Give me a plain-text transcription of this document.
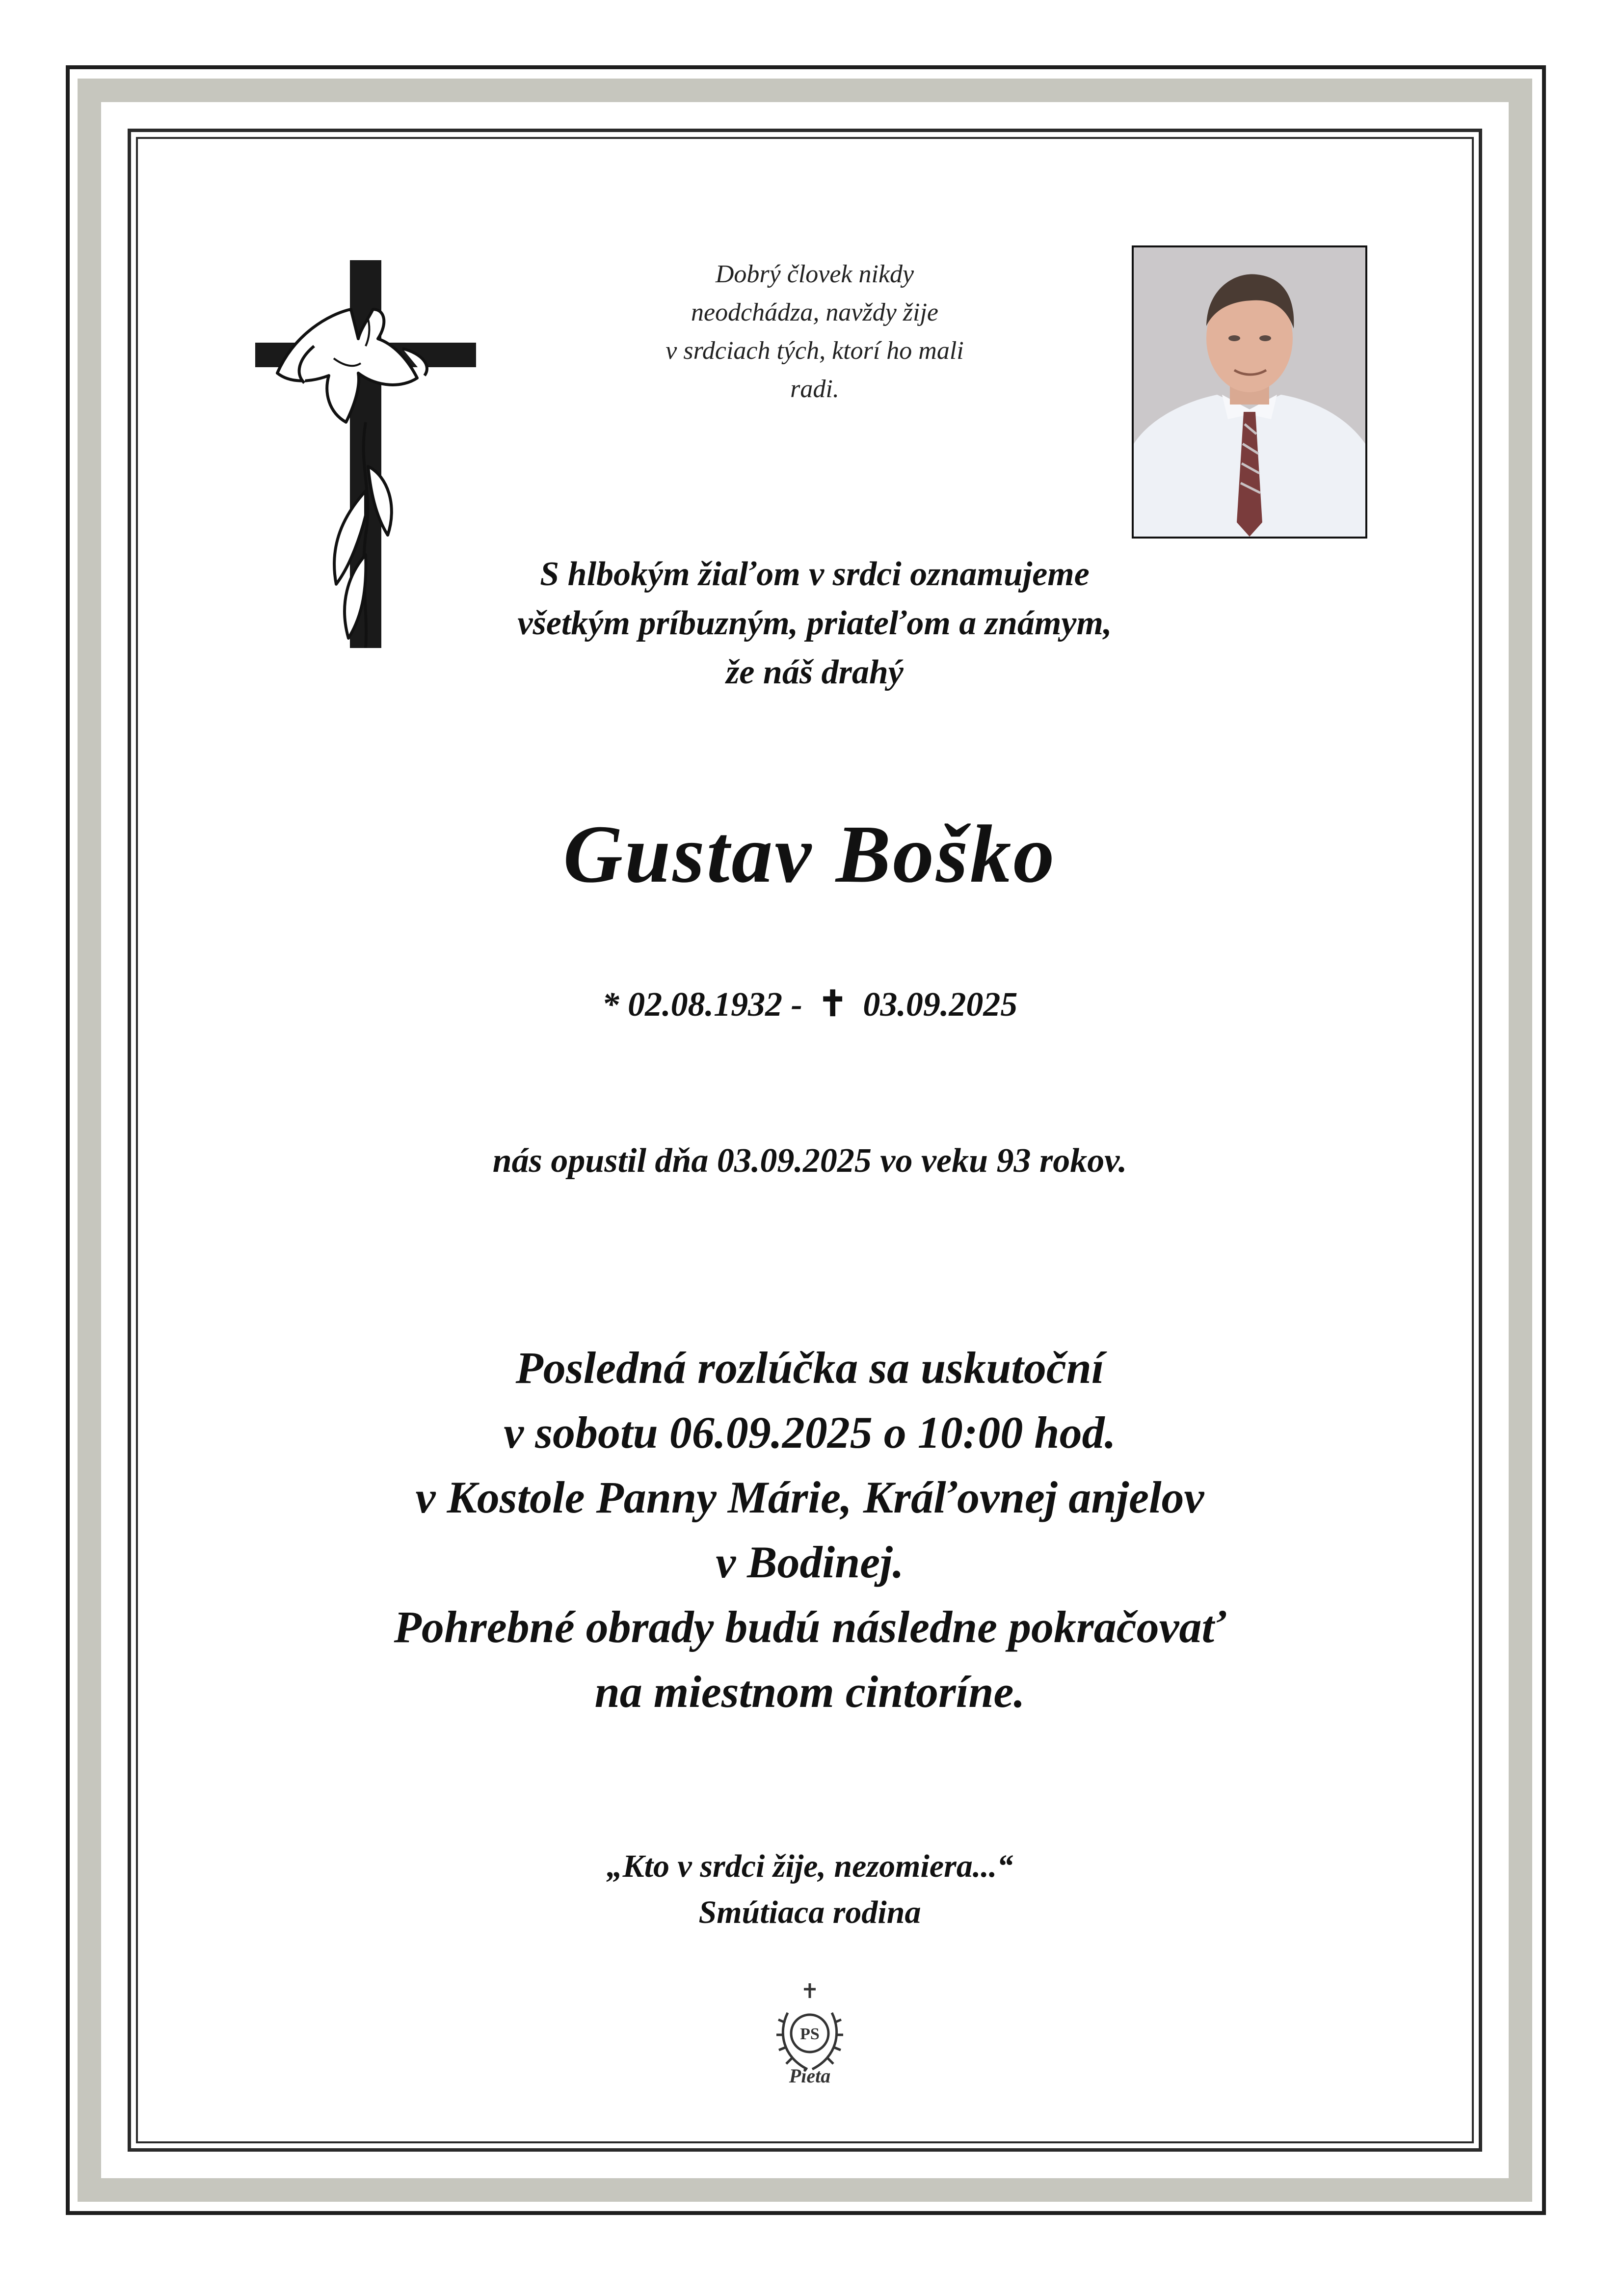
Dobrý človek nikdy
neodchádza, navždy žije
v srdciach tých, ktorí ho mali
radi.
S hlbokým žiaľom v srdci oznamujeme
všetkým príbuzným, priateľom a známym,
že náš drahý
Gustav Boško
* 02.08.1932 - ✝ 03.09.2025
nás opustil dňa 03.09.2025 vo veku 93 rokov.
Posledná rozlúčka sa uskutoční
v sobotu 06.09.2025 o 10:00 hod.
v Kostole Panny Márie, Kráľovnej anjelov
v Bodinej.
Pohrebné obrady budú následne pokračovať
na miestnom cintoríne.
„Kto v srdci žije, nezomiera...“
Smútiaca rodina
PS
Pieta
